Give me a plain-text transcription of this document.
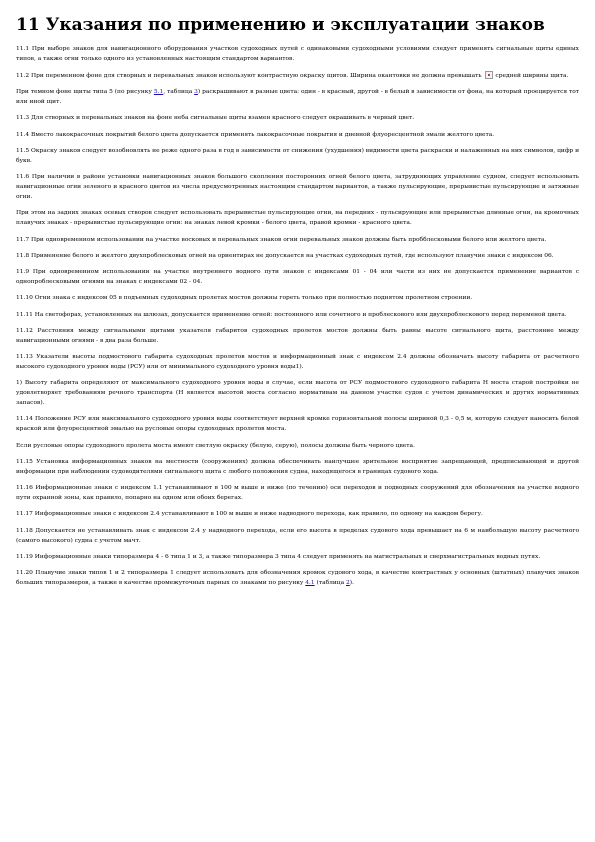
11 Указания по применению и эксплуатации знаков

11.1 При выборе знаков для навигационного оборудования участков судоходных путей с одинаковыми судоходными условиями следует применять сигнальные щиты единых типов, а также огни только одного из установленных настоящим стандартом вариантов.

11.2 При переменном фоне для створных и перевальных знаков используют контрастную окраску щитов. Ширина окантовки не должна превышать средней ширины щита.

При темном фоне щиты типа 5 (по рисунку 5.1, таблица 3) раскрашивают в разные цвета: один - в красный, другой - в белый в зависимости от фона, на который проецируется тот или иной щит.

11.3 Для створных и перевальных знаков на фоне неба сигнальные щиты взамен красного следует окрашивать в черный цвет.

11.4 Вместо лакокрасочных покрытий белого цвета допускается применять лакокрасочные покрытия и дневной флуоресцентной эмали желтого цвета.

11.5 Окраску знаков следует возобновлять не реже одного раза в год в зависимости от снижения (ухудшения) видимости цвета раскраски и налаженных на них символов, цифр и букв.

11.6 При наличии в районе установки навигационных знаков большого скопления посторонних огней белого цвета, затрудняющих управление судном, следует использовать навигационные огни зеленого и красного цветов из числа предусмотренных настоящим стандартом вариантов, а также пульсирующие, прерывистые пульсирующие и затяжные огни.

При этом на задних знаках осевых створов следует использовать прерывистые пульсирующие огни, на передних - пульсирующие или прерывистые длинные огни, на кромочных плавучих знаках - прерывистые пульсирующие огни: на знаках левой кромки - белого цвета, правой кромки - красного цвета.

11.7 При одновременном использовании на участке восковых и перевальных знаков огни перевальных знаков должны быть пробблесковыми белого или желтого цвета.

11.8 Применение белого и желтого двухпроблесковых огней на ориентирах не допускается на участках судоходных путей, где используют плавучие знаки с индексом 06.

11.9 При одновременном использовании на участке внутреннего водного пути знаков с индексами 01 - 04 или части из них не допускается применение вариантов с однопроблесковыми огнями на знаках с индексами 02 - 04.

11.10 Огни знака с индексом 05 в подъемных судоходных пролетах мостов должны гореть только при полностью поднятом пролетном строении.

11.11 На светофорах, установленных на шлюзах, допускается применение огней: постоянного или сочетного и проблескового или двухпроблескового перед переменой цвета.

11.12 Расстояния между сигнальными щитами указателя габаритов судоходных пролетов мостов должны быть равны высоте сигнального щита, расстояние между навигационными огнями - в два раза больше.

11.13 Указатели высоты подмостового габарита судоходных пролетов мостов и информационный знак с индексом 2.4 должны обозначать высоту габарита от расчетного высокого судоходного уровня воды (РСУ) или от минимального судоходного уровня воды1).

1) Высоту габарита определяют от максимального судоходного уровня воды в случае, если высота от РСУ подмостового судоходного габарита H моста старой постройки не удовлетворяет требованиям речного транспорта (H является высотой моста согласно нормативам на данном участке судов с учетом динамических и других нормативных запасов).

11.14 Положение РСУ или максимального судоходного уровня воды соответствует верхней кромке горизонтальной полосы шириной 0,3 - 0,5 м, которую следует наносить белой краской или флуоресцентной эмалью на русловые опоры судоходных пролетов моста.

Если русловые опоры судоходного пролета моста имеют светлую окраску (белую, серую), полосы должны быть черного цвета.

11.15 Установка информационных знаков на местности (сооружениях) должна обеспечивать наилучшее зрительное восприятие запрещающей, предписывающей и другой информации при наблюдении судоводителями сигнального щита с любого положения судна, находящегося в границах судового хода.

11.16 Информационные знаки с индексом 1.1 устанавливают в 100 м выше и ниже (по течению) оси переходов и подводных сооружений для обозначения на участке водного пути охранной зоны, как правило, попарно на одном или обоих берегах.

11.17 Информационные знаки с индексом 2.4 устанавливают в 100 м выше и ниже надводного перехода, как правило, по одному на каждом берегу.

11.18 Допускается не устанавливать знак с индексом 2.4 у надводного перехода, если его высота в пределах судового хода превышает на 6 м наибольшую высоту расчетного (самого высокого) судна с учетом мачт.

11.19 Информационные знаки типоразмера 4 - 6 типа 1 и 3, а также типоразмера 3 типа 4 следует применять на магистральных и сверхмагистральных водных путях.

11.20 Плавучие знаки типов 1 и 2 типоразмера 1 следует использовать для обозначения кромок судового хода, в качестве контрастных у основных (штатных) плавучих знаков больших типоразмеров, а также в качестве промежуточных парных со знаками по рисунку 4.1 (таблица 2).
